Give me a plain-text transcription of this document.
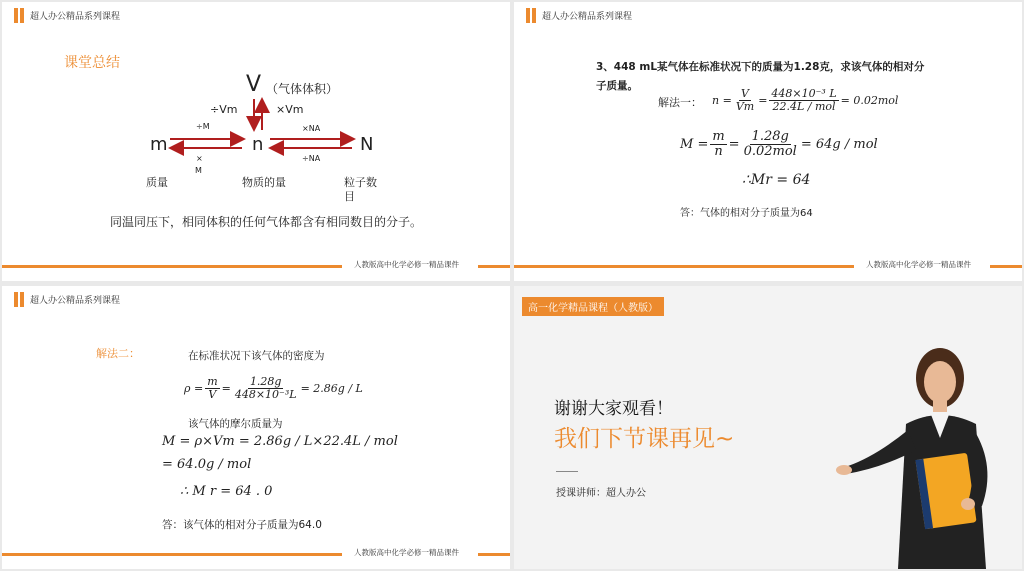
超人办公精品系列课程
课堂总结
V （气体体积）
÷Vm	×Vm
m	n	N
÷M
×
M
×NA
÷NA
质量	物质的量	粒子数
目
同温同压下，相同体积的任何气体都含有相同数目的分子。
人教版高中化学必修一精品课件
超人办公精品系列课程
3、448 mL某气体在标准状况下的质量为1.28克，求该气体的相对分
子质量。
解法一： $n = \frac{V}{Vm} = \frac{\text{448×10⁻³ L}}{\text{22.4L / mol}} = 0.02mol$
$M = \frac{m}{n} = \frac{1.28g}{\text{0.02mol}} = 64g$ / mol
∴Mr = 64
答：气体的相对分子质量为64
人教版高中化学必修一精品课件
超人办公精品系列课程
解法二：	在标准状况下该气体的密度为
$\rho = \frac{m}{V} = \frac{1.28g}{\text{448×10⁻³L}} = 2.86g / L$
该气体的摩尔质量为
M = ρ×Vm = 2.86g / L×22.4L / mol
= 64.0g / mol
∴ M r = 64 . 0
答：该气体的相对分子质量为64.0
人教版高中化学必修一精品课件
高一化学精品课程（人教版）
谢谢大家观看！
我们下节课再见~
授课讲师：超人办公
